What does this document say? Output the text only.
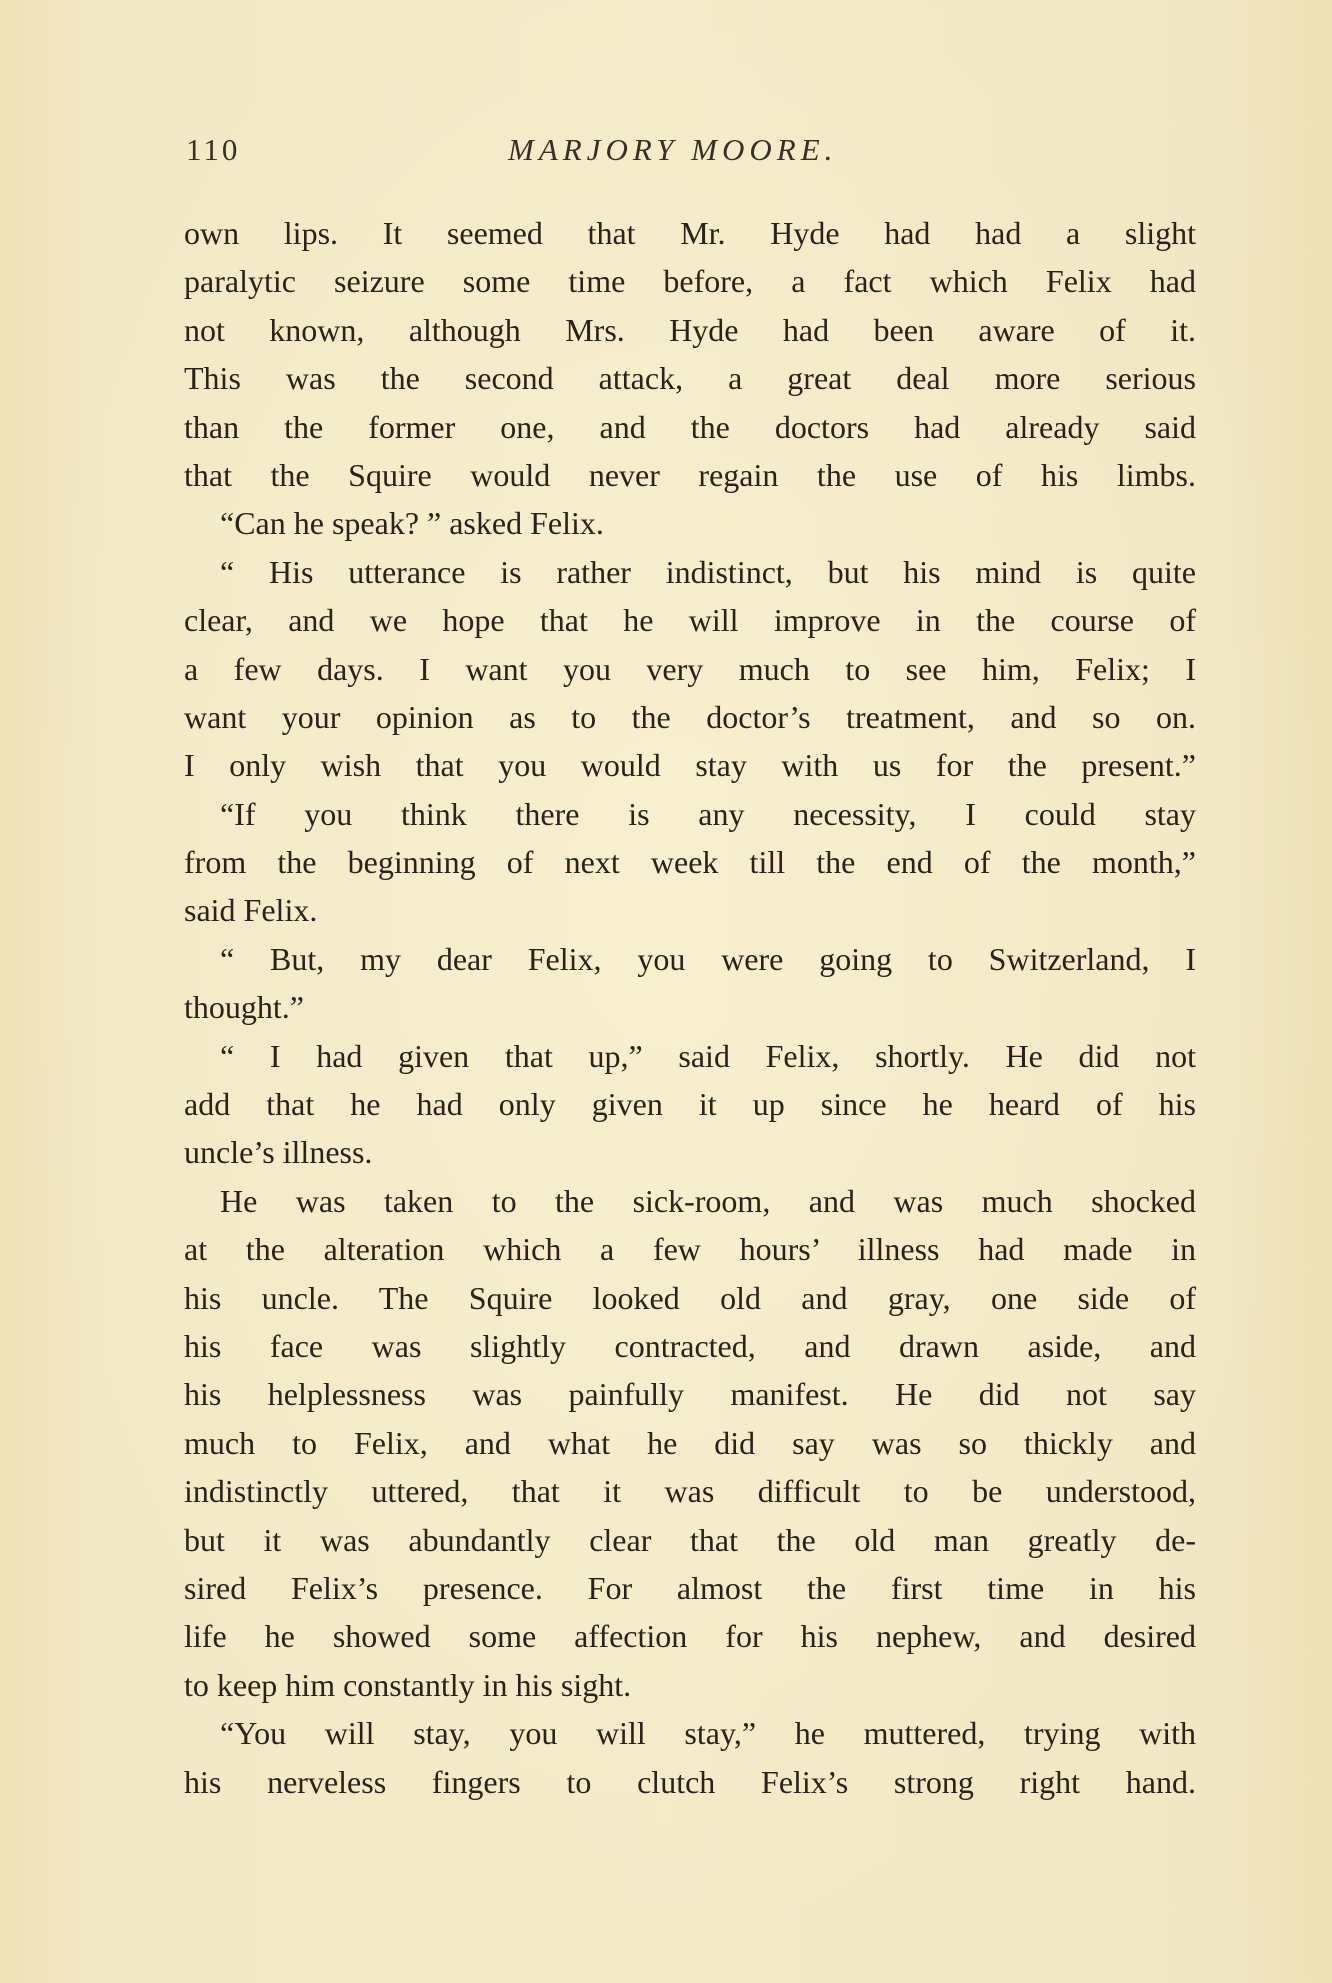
110	MARJORY MOORE.
own lips. It seemed that Mr. Hyde had had a slight
paralytic seizure some time before, a fact which Felix had
not known, although Mrs. Hyde had been aware of it.
This was the second attack, a great deal more serious
than the former one, and the doctors had already said
that the Squire would never regain the use of his limbs.
“Can he speak? ” asked Felix.
“ His utterance is rather indistinct, but his mind is quite
clear, and we hope that he will improve in the course of
a few days. I want you very much to see him, Felix; I
want your opinion as to the doctor’s treatment, and so on.
I only wish that you would stay with us for the present.”
“If you think there is any necessity, I could stay
from the beginning of next week till the end of the month,”
said Felix.
“ But, my dear Felix, you were going to Switzerland, I
thought.”
“ I had given that up,” said Felix, shortly. He did not
add that he had only given it up since he heard of his
uncle’s illness.
He was taken to the sick-room, and was much shocked
at the alteration which a few hours’ illness had made in
his uncle. The Squire looked old and gray, one side of
his face was slightly contracted, and drawn aside, and
his helplessness was painfully manifest. He did not say
much to Felix, and what he did say was so thickly and
indistinctly uttered, that it was difficult to be understood,
but it was abundantly clear that the old man greatly de-
sired Felix’s presence. For almost the first time in his
life he showed some affection for his nephew, and desired
to keep him constantly in his sight.
“You will stay, you will stay,” he muttered, trying with
his nerveless fingers to clutch Felix’s strong right hand.
